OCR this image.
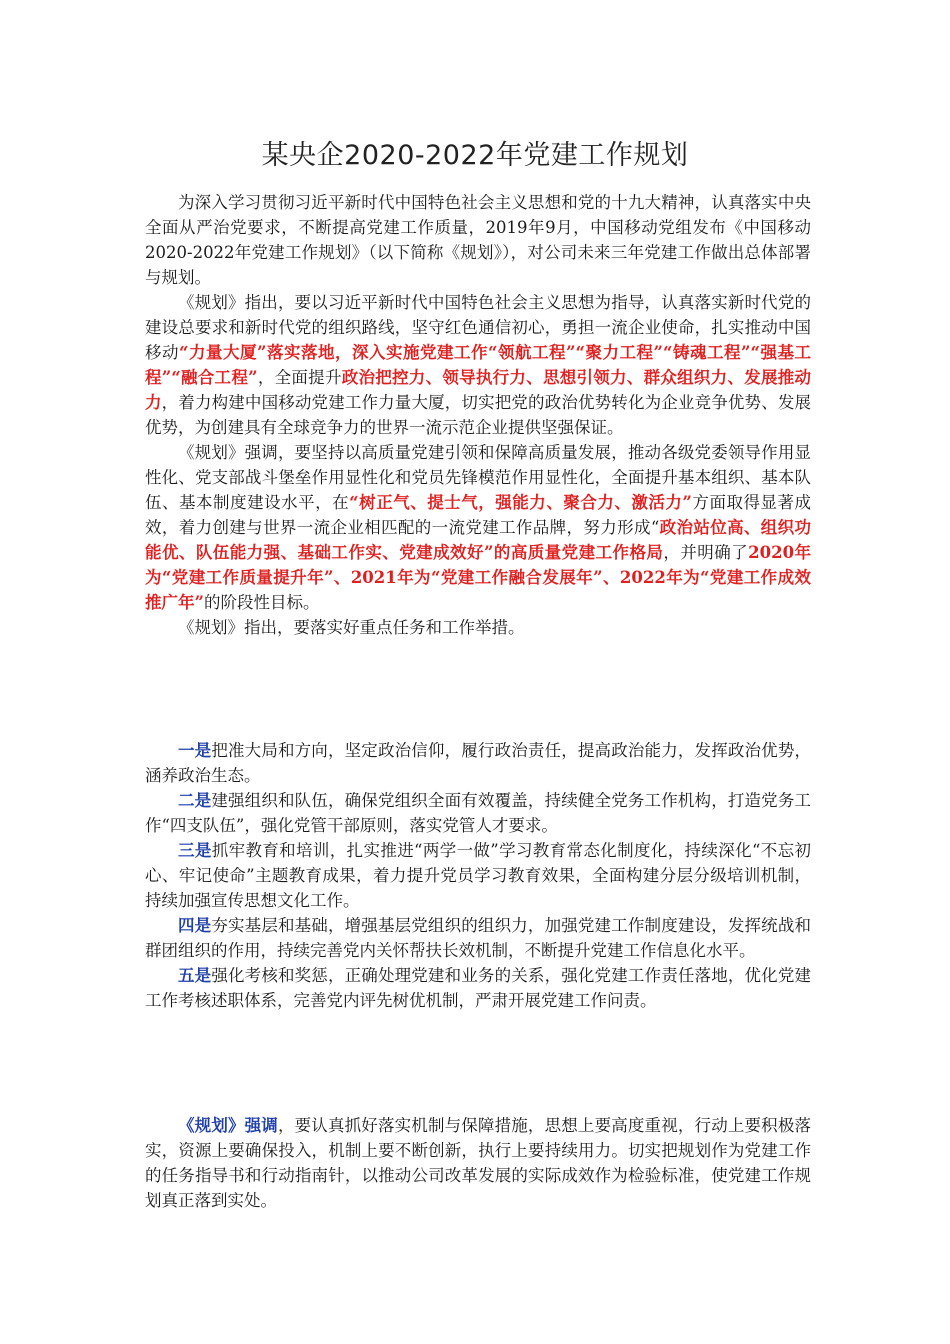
某央企2020-2022年党建工作规划

为深入学习贯彻习近平新时代中国特色社会主义思想和党的十九大精神，认真落实中央全面从严治党要求，不断提高党建工作质量，2019年9月，中国移动党组发布《中国移动2020-2022年党建工作规划》（以下简称《规划》），对公司未来三年党建工作做出总体部署与规划。

《规划》指出，要以习近平新时代中国特色社会主义思想为指导，认真落实新时代党的建设总要求和新时代党的组织路线，坚守红色通信初心，勇担一流企业使命，扎实推动中国移动“力量大厦”落实落地，深入实施党建工作“领航工程”“聚力工程”“铸魂工程”“强基工程”“融合工程”，全面提升政治把控力、领导执行力、思想引领力、群众组织力、发展推动力，着力构建中国移动党建工作力量大厦，切实把党的政治优势转化为企业竞争优势、发展优势，为创建具有全球竞争力的世界一流示范企业提供坚强保证。

《规划》强调，要坚持以高质量党建引领和保障高质量发展，推动各级党委领导作用显性化、党支部战斗堡垒作用显性化和党员先锋模范作用显性化，全面提升基本组织、基本队伍、基本制度建设水平，在“树正气、提士气，强能力、聚合力、激活力”方面取得显著成效，着力创建与世界一流企业相匹配的一流党建工作品牌，努力形成“政治站位高、组织功能优、队伍能力强、基础工作实、党建成效好”的高质量党建工作格局，并明确了2020年为“党建工作质量提升年”、2021年为“党建工作融合发展年”、2022年为“党建工作成效推广年”的阶段性目标。

《规划》指出，要落实好重点任务和工作举措。

一是把准大局和方向，坚定政治信仰，履行政治责任，提高政治能力，发挥政治优势，涵养政治生态。

二是建强组织和队伍，确保党组织全面有效覆盖，持续健全党务工作机构，打造党务工作“四支队伍”，强化党管干部原则，落实党管人才要求。

三是抓牢教育和培训，扎实推进“两学一做”学习教育常态化制度化，持续深化“不忘初心、牢记使命”主题教育成果，着力提升党员学习教育效果，全面构建分层分级培训机制，持续加强宣传思想文化工作。

四是夯实基层和基础，增强基层党组织的组织力，加强党建工作制度建设，发挥统战和群团组织的作用，持续完善党内关怀帮扶长效机制，不断提升党建工作信息化水平。

五是强化考核和奖惩，正确处理党建和业务的关系，强化党建工作责任落地，优化党建工作考核述职体系，完善党内评先树优机制，严肃开展党建工作问责。

《规划》强调，要认真抓好落实机制与保障措施，思想上要高度重视，行动上要积极落实，资源上要确保投入，机制上要不断创新，执行上要持续用力。切实把规划作为党建工作的任务指导书和行动指南针，以推动公司改革发展的实际成效作为检验标准，使党建工作规划真正落到实处。
